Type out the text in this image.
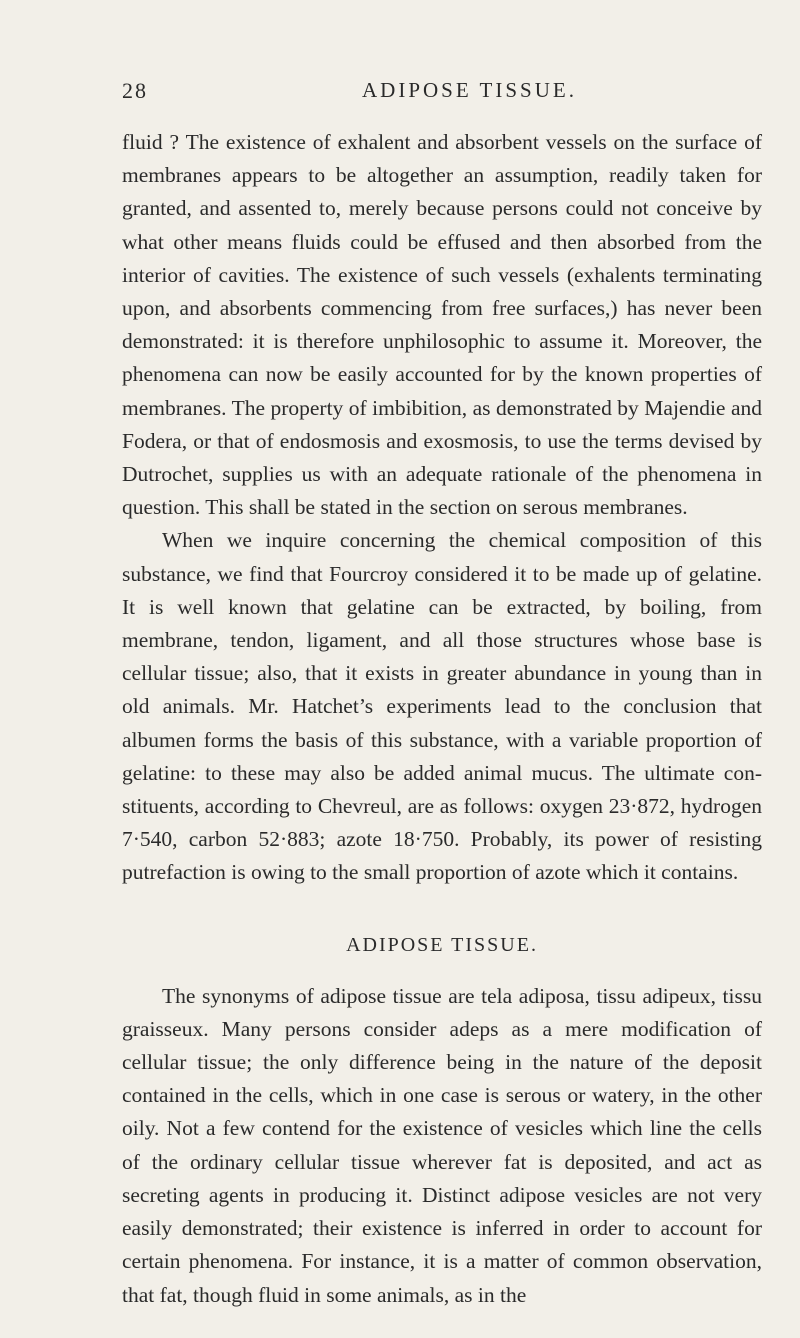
28	ADIPOSE TISSUE.

fluid ? The existence of exhalent and absorbent vessels on the surface of membranes appears to be altogether an assumption, readily taken for granted, and assented to, merely because persons could not conceive by what other means fluids could be effused and then absorbed from the interior of cavities. The existence of such vessels (exhalents terminating upon, and absorbents commencing from free surfaces,) has never been demonstrated: it is therefore unphilosophic to assume it. Moreover, the phenomena can now be easily accounted for by the known properties of membranes. The property of imbibition, as demonstrated by Majendie and Fodera, or that of endosmosis and exosmosis, to use the terms devised by Dutrochet, supplies us with an adequate rationale of the phenomena in question. This shall be stated in the section on serous membranes.

When we inquire concerning the chemical composition of this substance, we find that Fourcroy considered it to be made up of gelatine. It is well known that gelatine can be extracted, by boiling, from membrane, tendon, ligament, and all those structures whose base is cellular tissue; also, that it exists in greater abundance in young than in old animals. Mr. Hatchet’s experiments lead to the conclusion that albumen forms the basis of this substance, with a variable proportion of gelatine: to these may also be added animal mucus. The ultimate constituents, according to Chevreul, are as follows: oxygen 23·872, hydrogen 7·540, carbon 52·883; azote 18·750. Probably, its power of resisting putrefaction is owing to the small proportion of azote which it contains.

ADIPOSE TISSUE.

The synonyms of adipose tissue are tela adiposa, tissu adipeux, tissu graisseux. Many persons consider adeps as a mere modification of cellular tissue; the only difference being in the nature of the deposit contained in the cells, which in one case is serous or watery, in the other oily. Not a few contend for the existence of vesicles which line the cells of the ordinary cellular tissue wherever fat is deposited, and act as secreting agents in producing it. Distinct adipose vesicles are not very easily demonstrated; their existence is inferred in order to account for certain phenomena. For instance, it is a matter of common observation, that fat, though fluid in some animals, as in the
